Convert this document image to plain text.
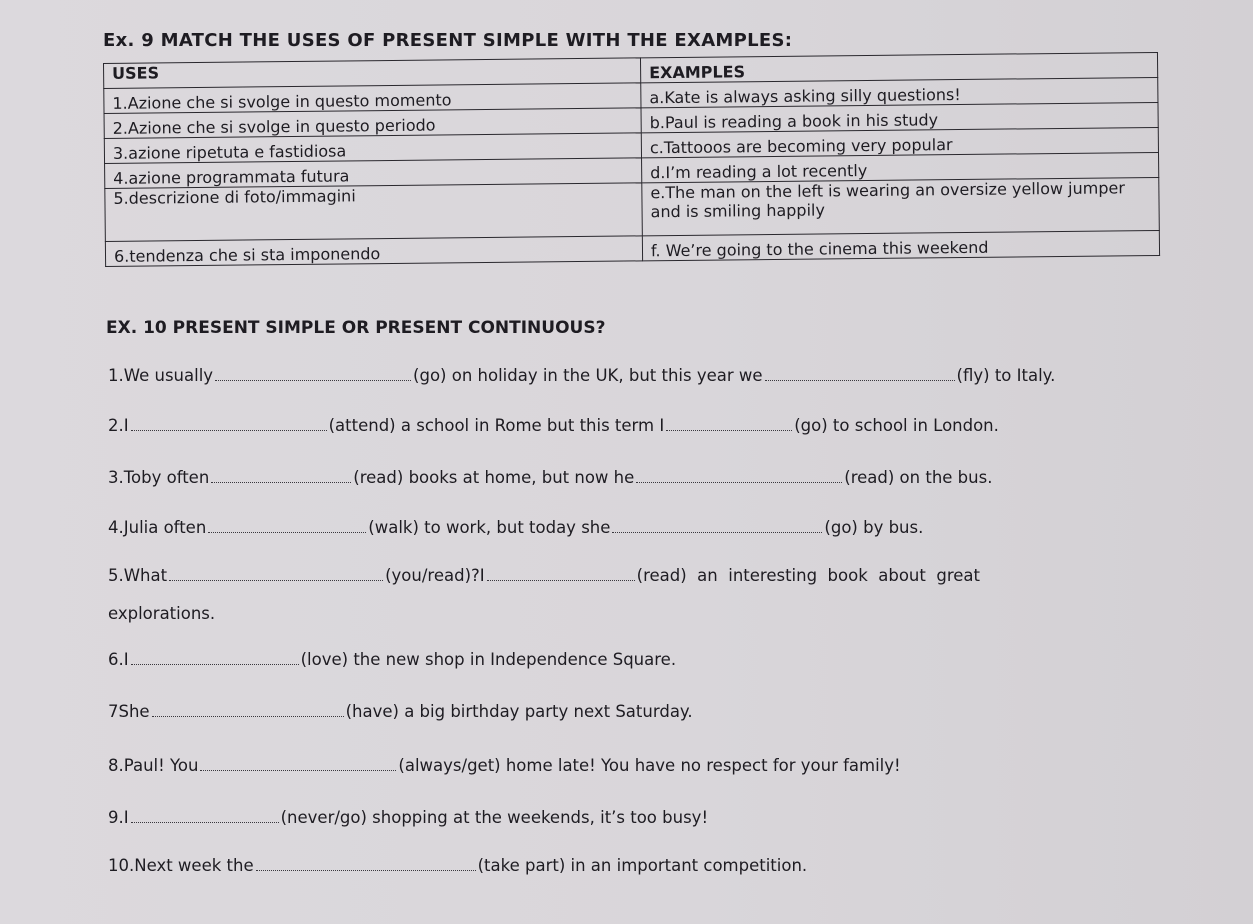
Ex. 9 MATCH THE USES OF PRESENT SIMPLE WITH THE EXAMPLES:
USES	EXAMPLES
1.Azione che si svolge in questo momento	a.Kate is always asking silly questions!
2.Azione che si svolge in questo periodo	b.Paul is reading a book in his study
3.azione ripetuta e fastidiosa	c.Tattooos are becoming very popular
4.azione programmata futura	d.I’m reading a lot recently
5.descrizione di foto/immagini	e.The man on the left is wearing an oversize yellow jumper and is smiling happily
6.tendenza che si sta imponendo	f. We’re going to the cinema this weekend
EX. 10 PRESENT SIMPLE OR PRESENT CONTINUOUS?
1.We usually	(go) on holiday in the UK, but this year we	(fly) to Italy.
2.I	(attend) a school in Rome but this term I	(go) to school in London.
3.Toby often	(read) books at home, but now he	(read) on the bus.
4.Julia often	(walk) to work, but today she	(go) by bus.
5.What	(you/read)?I	(read)  an  interesting  book  about  great
explorations.
6.I	(love) the new shop in Independence Square.
7She	(have) a big birthday party next Saturday.
8.Paul! You	(always/get) home late! You have no respect for your family!
9.I	(never/go) shopping at the weekends, it’s too busy!
10.Next week the	(take part) in an important competition.
